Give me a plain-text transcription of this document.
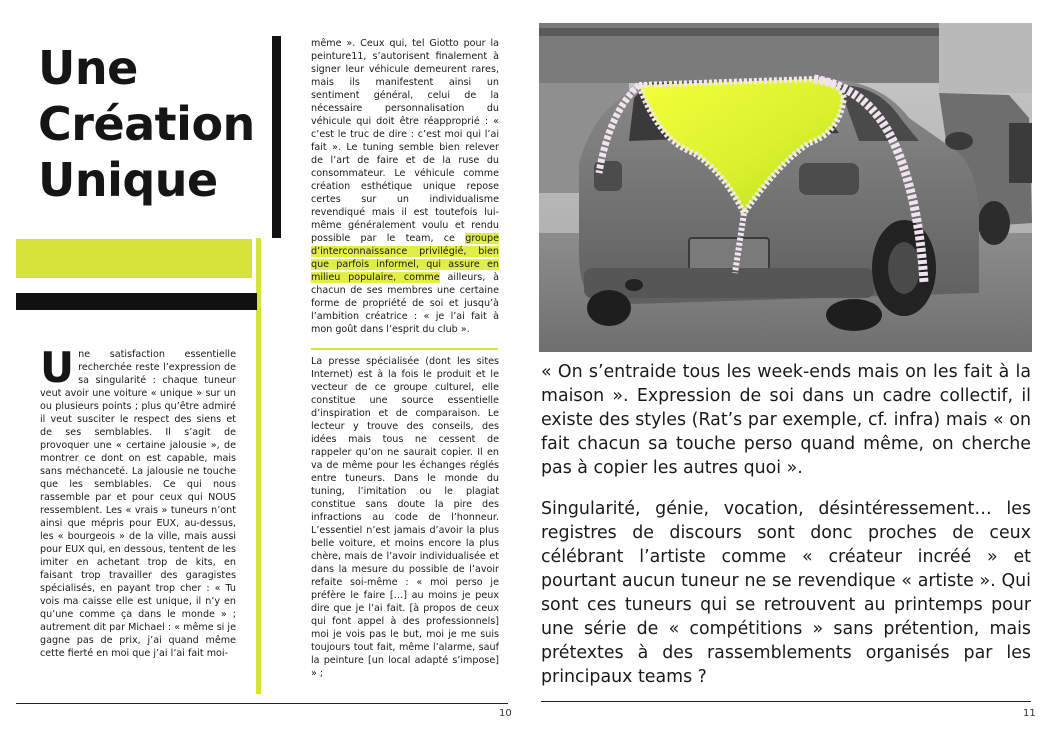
Une
Création
Unique
Une satisfaction essentielle recherchée reste l’expression de sa singularité : chaque tuneur veut avoir une voiture « unique » sur un ou plusieurs points ; plus qu’être admiré il veut susciter le respect des siens et de ses semblables. Il s’agit de provoquer une « certaine jalousie », de montrer ce dont on est capable, mais sans méchanceté. La jalousie ne touche que les semblables. Ce qui nous rassemble par et pour ceux qui NOUS ressemblent. Les « vrais » tuneurs n’ont ainsi que mépris pour EUX, au-dessus, les « bourgeois » de la ville, mais aussi pour EUX qui, en dessous, tentent de les imiter en achetant trop de kits, en faisant trop travailler des garagistes spécialisés, en payant trop cher : « Tu vois ma caisse elle est unique, il n’y en qu’une comme ça dans le monde » ; autrement dit par Michael : « même si je gagne pas de prix, j’ai quand même cette fierté en moi que j’ai l’ai fait moi-
même ». Ceux qui, tel Giotto pour la peinture11, s’autorisent finalement à signer leur véhicule demeurent rares, mais ils manifestent ainsi un sentiment général, celui de la nécessaire personnalisation du véhicule qui doit être réapproprié : « c’est le truc de dire : c’est moi qui l’ai fait ». Le tuning semble bien relever de l’art de faire et de la ruse du consommateur. Le véhicule comme création esthétique unique repose certes sur un individualisme revendiqué mais il est toutefois lui-même généralement voulu et rendu possible par le team, ce groupe d’interconnaissance privilégié, bien que parfois informel, qui assure en milieu populaire, comme ailleurs, à chacun de ses membres une certaine forme de propriété de soi et jusqu’à l’ambition créatrice : « je l’ai fait à mon goût dans l’esprit du club ».
La presse spécialisée (dont les sites Internet) est à la fois le produit et le vecteur de ce groupe culturel, elle constitue une source essentielle d’inspiration et de comparaison. Le lecteur y trouve des conseils, des idées mais tous ne cessent de rappeler qu’on ne saurait copier. Il en va de même pour les échanges réglés entre tuneurs. Dans le monde du tuning, l’imitation ou le plagiat constitue sans doute la pire des infractions au code de l’honneur. L’essentiel n’est jamais d’avoir la plus belle voiture, et moins encore la plus chère, mais de l’avoir individualisée et dans la mesure du possible de l’avoir refaite soi-même : « moi perso je préfère le faire […] au moins je peux dire que je l’ai fait. [à propos de ceux qui font appel à des professionnels] moi je vois pas le but, moi je me suis toujours tout fait, même l’alarme, sauf la peinture [un local adapté s’impose] » ;
10
« On s’entraide tous les week-ends mais on les fait à la maison ». Expression de soi dans un cadre collectif, il existe des styles (Rat’s par exemple, cf. infra) mais « on fait chacun sa touche perso quand même, on cherche pas à copier les autres quoi ».
Singularité, génie, vocation, désintéressement… les registres de discours sont donc proches de ceux célébrant l’artiste comme « créateur incréé » et pourtant aucun tuneur ne se revendique « artiste ». Qui sont ces tuneurs qui se retrouvent au printemps pour une série de « compétitions » sans prétention, mais prétextes à des rassemblements organisés par les principaux teams ?
11
